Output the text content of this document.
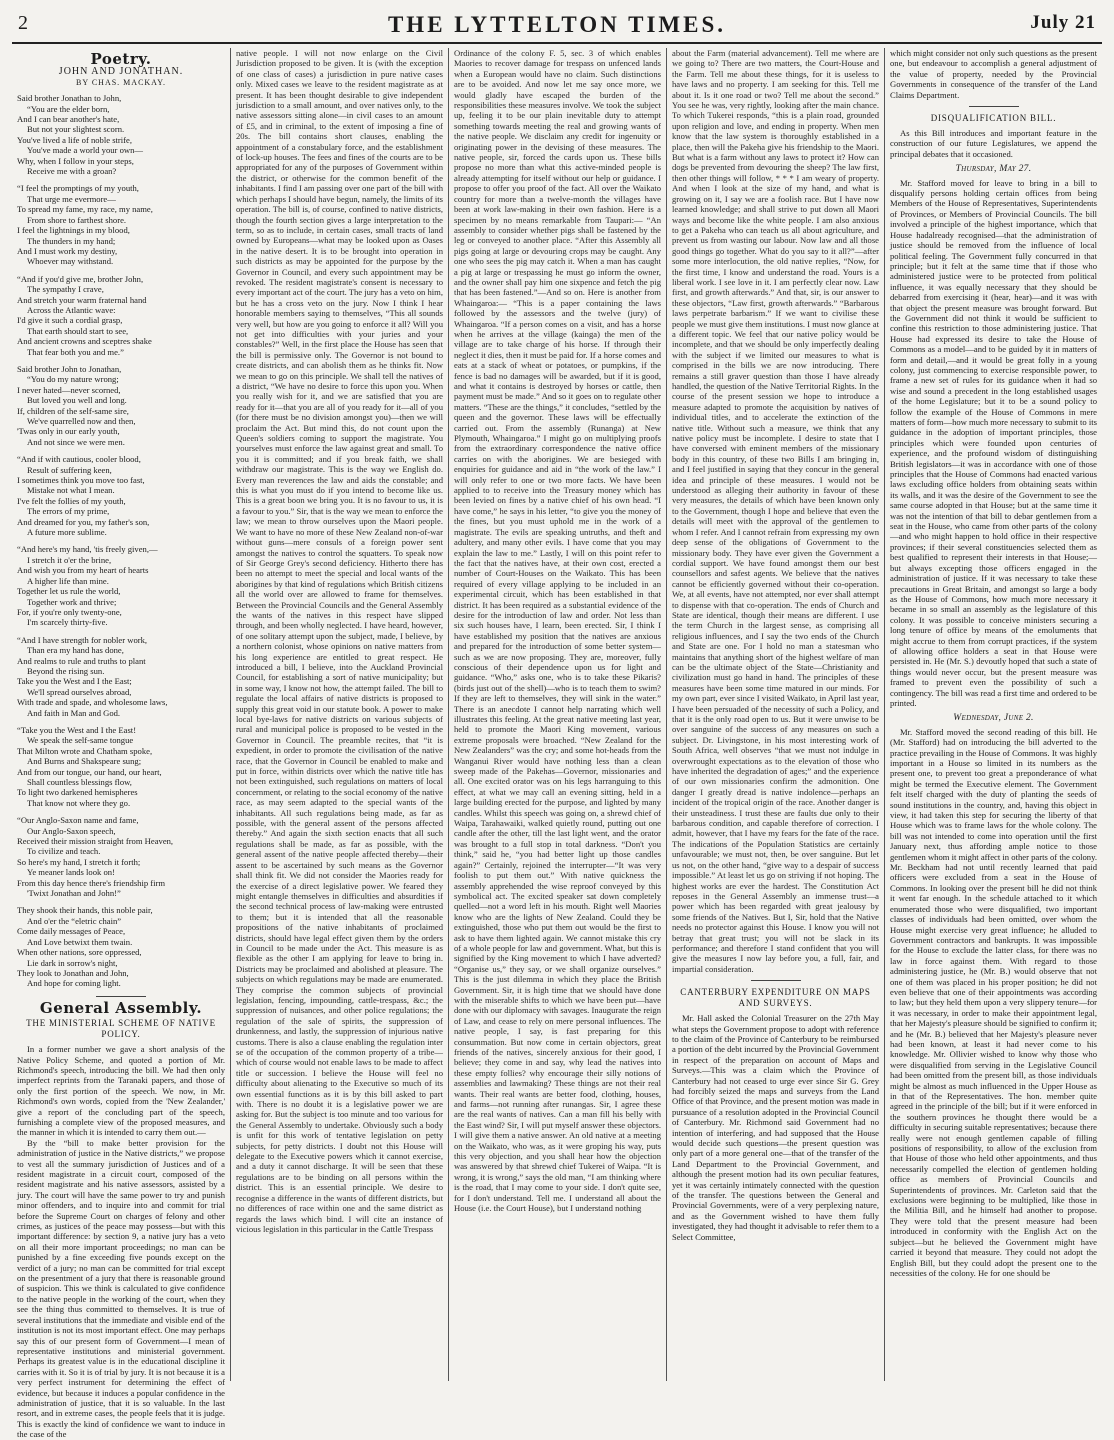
2	THE LYTTELTON TIMES.	July 21
Poetry.
JOHN AND JONATHAN.
BY CHAS. MACKAY.
Said brother Jonathan to John,
“You are the elder born,
And I can bear another's hate,
But not your slightest scorn.
You've lived a life of noble strife,
You've made a world your own—
Why, when I follow in your steps,
Receive me with a groan?
“I feel the promptings of my youth,
That urge me evermore—
To spread my fame, my race, my name,
From shore to farthest shore.
I feel the lightnings in my blood,
The thunders in my hand;
And I must work my destiny,
Whoever may withstand.
“And if you'd give me, brother John,
The sympathy I crave,
And stretch your warm fraternal hand
Across the Atlantic wave:
I'd give it such a cordial grasp,
That earth should start to see,
And ancient crowns and sceptres shake
That fear both you and me.”
Said brother John to Jonathan,
“You do my nature wrong;
I never hated—never scorned,
But loved you well and long.
If, children of the self-same sire,
We've quarrelled now and then,
'Twas only in our early youth,
And not since we were men.
“And if with cautious, cooler blood,
Result of suffering keen,
I sometimes think you move too fast,
Mistake not what I mean.
I've felt the follies of my youth,
The errors of my prime,
And dreamed for you, my father's son,
A future more sublime.
“And here's my hand, 'tis freely given,—
I stretch it o'er the brine,
And wish you from my heart of hearts
A higher life than mine.
Together let us rule the world,
Together work and thrive;
For, if you're only twenty-one,
I'm scarcely thirty-five.
“And I have strength for nobler work,
Than era my hand has done,
And realms to rule and truths to plant
Beyond the rising sun.
Take you the West and I the East;
We'll spread ourselves abroad,
With trade and spade, and wholesome laws,
And faith in Man and God.
“Take you the West and I the East!
We speak the self-same tongue
That Milton wrote and Chatham spoke,
And Burns and Shakspeare sung;
And from our tongue, our hand, our heart,
Shall countless blessings flow,
To light two darkened hemispheres
That know not where they go.
“Our Anglo-Saxon name and fame,
Our Anglo-Saxon speech,
Received their mission straight from Heaven,
To civilize and teach.
So here's my hand, I stretch it forth;
Ye meaner lands look on!
From this day hence there's friendship firm
'Twixt Jonathan and John!”
They shook their hands, this noble pair,
And o'er the “eletric chain”
Come daily messages of Peace,
And Love betwixt them twain.
When other nations, sore oppressed,
Lie dark in sorrow's night,
They look to Jonathan and John,
And hope for coming light.
General Assembly.
THE MINISTERIAL SCHEME OF NATIVE POLICY.

In a former number we gave a short analysis of the Native Policy Scheme, and quoted a portion of Mr. Richmond's speech, introducing the bill. We had then only imperfect reprints from the Taranaki papers, and those of only the first portion of the speech. We now, in Mr. Richmond's own words, copied from the 'New Zealander,' give a report of the concluding part of the speech, furnishing a complete view of the proposed measures, and the manner in which it is intended to carry them out.—

By the “bill to make better provision for the administration of justice in the Native districts,” we propose to vest all the summary jurisdiction of Justices and of a resident magistrate in a circuit court, composed of the resident magistrate and his native assessors, assisted by a jury. The court will have the same power to try and punish minor offenders, and to inquire into and commit for trial before the Supreme Court on charges of felony and other crimes, as justices of the peace may possess—but with this important difference: by section 9, a native jury has a veto on all their more important proceedings; no man can be punished by a fine exceeding five pounds except on the verdict of a jury; no man can be committed for trial except on the presentment of a jury that there is reasonable ground of suspicion. This we think is calculated to give confidence to the native people in the working of the court, when they see the thing thus committed to themselves. It is true of several institutions that the immediate and visible end of the institution is not its most important effect. One may perhaps say this of our present form of Government—I mean of representative institutions and ministerial government. Perhaps its greatest value is in the educational discipline it carries with it. So it is of trial by jury. It is not because it is a very perfect instrument for determining the effect of evidence, but because it induces a popular confidence in the administration of justice, that it is so valuable. In the last resort, and in extreme cases, the people feels that it is judge. This is exactly the kind of confidence we want to induce in the case of the

native people. I will not now enlarge on the Civil Jurisdiction proposed to be given. It is (with the exception of one class of cases) a jurisdiction in pure native cases only. Mixed cases we leave to the resident magistrate as at present. It has been thought desirable to give independent jurisdiction to a small amount, and over natives only, to the native assessors sitting alone—in civil cases to an amount of £5, and in criminal, to the extent of imposing a fine of 20s. The bill contains short clauses, enabling the appointment of a constabulary force, and the establishment of lock-up houses. The fees and fines of the courts are to be appropriated for any of the purposes of Government within the district, or otherwise for the common benefit of the inhabitants. I find I am passing over one part of the bill with which perhaps I should have begun, namely, the limits of its operation. The bill is, of course, confined to native districts, though the fourth section gives a large interpretation to the term, so as to include, in certain cases, small tracts of land owned by Europeans—what may be looked upon as Oases in the native desert. It is to be brought into operation in such districts as may be appointed for the purpose by the Governor in Council, and every such appointment may be revoked. The resident magistrate's consent is necessary to every important act of the court. The jury has a veto on him, but he has a cross veto on the jury. Now I think I hear honorable members saying to themselves, “This all sounds very well, but how are you going to enforce it all? Will you not get into difficulties with your juries and your constables?” Well, in the first place the House has seen that the bill is permissive only. The Governor is not bound to create districts, and can abolish them as he thinks fit. Now we mean to go on this principle. We shall tell the natives of a district, “We have no desire to force this upon you. When you really wish for it, and we are satisfied that you are ready for it—that you are all of you ready for it—all of you (for there must be no division amongst you)—then we will proclaim the Act. But mind this, do not count upon the Queen's soldiers coming to support the magistrate. You yourselves must enforce the law against great and small. To you it is committed; and if you break faith, we shall withdraw our magistrate. This is the way we English do. Every man reverences the law and aids the constable; and this is what you must do if you intend to become like us. This is a great boon we bring you. It is no favour to us, it is a favour to you.” Sir, that is the way we mean to enforce the law; we mean to throw ourselves upon the Maori people. We want to have no more of these New Zealand non-of-war without guns—mere consuls of a foreign power sent amongst the natives to control the squatters. To speak now of Sir George Grey's second deficiency. Hitherto there has been no attempt to meet the special and local wants of the aborigines by that kind of regulations which British citizens all the world over are allowed to frame for themselves. Between the Provincial Councils and the General Assembly the wants of the natives in this respect have slipped through, and been wholly neglected. I have heard, however, of one solitary attempt upon the subject, made, I believe, by a northern colonist, whose opinions on native matters from his long experience are entitled to great respect. He introduced a bill, I believe, into the Auckland Provincial Council, for establishing a sort of native municipality; but in some way, I know not how, the attempt failed. The bill to regulate the local affairs of native districts is proposed to supply this great void in our statute book. A power to make local bye-laws for native districts on various subjects of rural and municipal police is proposed to be vested in the Governor in Council. The preamble recites, that “it is expedient, in order to promote the civilisation of the native race, that the Governor in Council be enabled to make and put in force, within districts over which the native title has not been extinguished, such regulations on matters of local concernment, or relating to the social economy of the native race, as may seem adapted to the special wants of the inhabitants. All such regulations being made, as far as possible, with the general assent of the persons affected thereby.” And again the sixth section enacts that all such regulations shall be made, as far as possible, with the general assent of the native people affected thereby—their assent to be ascertained by such means as the Governor shall think fit. We did not consider the Maories ready for the exercise of a direct legislative power. We feared they might entangle themselves in difficulties and absurdities if the second technical process of law-making were entrusted to them; but it is intended that all the reasonable propositions of the native inhabitants of proclaimed districts, should have legal effect given them by the orders in Council to be made under the Act. This measure is as flexible as the other I am applying for leave to bring in. Districts may be proclaimed and abolished at pleasure. The subjects on which regulations may be made are enumerated. They comprise the common subjects of provincial legislation, fencing, impounding, cattle-trespass, &c.; the suppression of nuisances, and other police regulations; the regulation of the sale of spirits, the suppression of drunkenness, and lastly, the suppression of injurious native customs. There is also a clause enabling the regulation inter se of the occupation of the common property of a tribe—which of course would not enable laws to be made to affect title or succession. I believe the House will feel no difficulty about alienating to the Executive so much of its own essential functions as it is by this bill asked to part with. There is no doubt it is a legislative power we are asking for. But the subject is too minute and too various for the General Assembly to undertake. Obviously such a body is unfit for this work of tentative legislation on petty subjects, for petty districts. I doubt not this House will delegate to the Executive powers which it cannot exercise, and a duty it cannot discharge. It will be seen that these regulations are to be binding on all persons within the district. This is an essential principle. We desire to recognise a difference in the wants of different districts, but no differences of race within one and the same district as regards the laws which bind. I will cite an instance of vicious legislation in this particular in the Cattle Trespass

Ordinance of the colony F. 5, sec. 3 of which enables Maories to recover damage for trespass on unfenced lands when a European would have no claim. Such distinctions are to be avoided. And now let me say once more, we would gladly have escaped the burden of the responsibilities these measures involve. We took the subject up, feeling it to be our plain inevitable duty to attempt something towards meeting the real and growing wants of the native people. We disclaim any credit for ingenuity or originating power in the devising of these measures. The native people, sir, forced the cards upon us. These bills propose no more than what this active-minded people is already attempting for itself without our help or guidance. I propose to offer you proof of the fact. All over the Waikato country for more than a twelve-month the villages have been at work law-making in their own fashion. Here is a specimen by no means remarkable from Taupari:— “An assembly to consider whether pigs shall be fastened by the leg or conveyed to another place. “After this Assembly all pigs going at large or devouring crops may be caught. Any one who sees the pig may catch it. When a man has caught a pig at large or trespassing he must go inform the owner, and the owner shall pay him one sixpence and fetch the pig that has been fastened.”—And so on. Here is another from Whaingaroa:— “This is a paper containing the laws followed by the assessors and the twelve (jury) of Whaingaroa. “If a person comes on a visit, and has a horse when he arrives at the village (kainga) the men of the village are to take charge of his horse. If through their neglect it dies, then it must be paid for. If a horse comes and eats at a stack of wheat or potatoes, or pumpkins, if the fence is bad no damages will be awarded, but if it is good, and what it contains is destroyed by horses or cattle, then payment must be made.” And so it goes on to regulate other matters. “These are the things,” it concludes, “settled by the queen and the governor. These laws will be effectually carried out. From the assembly (Runanga) at New Plymouth, Whaingaroa.” I might go on multiplying proofs from the extraordinary correspondence the native office carries on with the aborigines. We are besieged with enquiries for guidance and aid in “the work of the law.” I will only refer to one or two more facts. We have been applied to to receive into the Treasury money which has been levied on fines by a native chief of his own head. “I have come,” he says in his letter, “to give you the money of the fines, but you must uphold me in the work of a magistrate. The evils are speaking untruths, and theft and adultery, and many other evils. I have come that you may explain the law to me.” Lastly, I will on this point refer to the fact that the natives have, at their own cost, erected a number of Court-Houses on the Waikato. This has been required of every village applying to be included in an experimental circuit, which has been established in that district. It has been required as a substantial evidence of the desire for the introduction of law and order. Not less than six such houses have, I learn, been erected. Sir, I think I have established my position that the natives are anxious and prepared for the introduction of some better system—such as we are now proposing. They are, moreover, fully conscious of their dependence upon us for light and guidance. “Who,” asks one, who is to take these Pikaris? (birds just out of the shell)—who is to teach them to swim? If they are left to themselves, they will sink in the water.” There is an anecdote I cannot help narrating which well illustrates this feeling. At the great native meeting last year, held to promote the Maori King movement, various extreme proposals were broached. “New Zealand for the New Zealanders” was the cry; and some hot-heads from the Wanganui River would have nothing less than a clean sweep made of the Pakehas—Governor, missionaries and all. One excited orator was on his legs harranguing to this effect, at what we may call an evening sitting, held in a large building erected for the purpose, and lighted by many candles. Whilst this speech was going on, a shrewd chief of Waipa, Tarahawaiki, walked quietly round, putting out one candle after the other, till the last light went, and the orator was brought to a full stop in total darkness. “Don't you think,” said he, “you had better light up those candles again?” Certainly, rejoined the interrupter—“It was very foolish to put them out.” With native quickness the assembly apprehended the wise reproof conveyed by this symbolical act. The excited speaker sat down completely quelled—not a word left in his mouth. Right well Maories know who are the lights of New Zealand. Could they be extinguished, those who put them out would be the first to ask to have them lighted again. We cannot mistake this cry of a whole people for law and government. What, but this is signified by the King movement to which I have adverted? “Organise us,” they say, or we shall organize ourselves.” This is the just dilemma in which they place the British Government. Sir, it is high time that we should have done with the miserable shifts to which we have been put—have done with our diplomacy with savages. Inaugurate the reign of Law, and cease to rely on mere personal influences. The native people, I say, is fast preparing for this consummation. But now come in certain objectors, great friends of the natives, sincerely anxious for their good, I believe; they come in and say, why lead the natives into these empty follies? why encourage their silly notions of assemblies and lawmaking? These things are not their real wants. Their real wants are better food, clothing, houses, and farms—not running after runangas. Sir, I agree these are the real wants of natives. Can a man fill his belly with the East wind? Sir, I will put myself answer these objectors. I will give them a native answer. An old native at a meeting on the Waikato, who was, as it were groping his way, puts this very objection, and you shall hear how the objection was answered by that shrewd chief Tukerei of Waipa. “It is wrong, it is wrong,” says the old man, “I am thinking where is the road, that I may come to your side. I don't quite see, for I don't understand. Tell me. I understand all about the House (i.e. the Court House), but I understand nothing

about the Farm (material advancement). Tell me where are we going to? There are two matters, the Court-House and the Farm. Tell me about these things, for it is useless to have laws and no property. I am seeking for this. Tell me about it. Is it one road or two? Tell me about the second.” You see he was, very rightly, looking after the main chance. To which Tukerei responds, “this is a plain road, grounded upon religion and love, and ending in property. When men know that the law system is thoroughly established in a place, then will the Pakeha give his friendship to the Maori. But what is a farm without any laws to protect it? How can dogs be prevented from devouring the sheep? The law first, then other things will follow, * * * I am weary of property. And when I look at the size of my hand, and what is growing on it, I say we are a foolish race. But I have now learned knowledge; and shall strive to put down all Maori ways and become like the white people. I am also anxious to get a Pakeha who can teach us all about agriculture, and prevent us from wasting our labour. Now law and all those good things go together. What do you say to it all?”—after some more interlocution, the old native replies, “Now, for the first time, I know and understand the road. Yours is a liberal work. I see love in it. I am perfectly clear now. Law first, and growth afterwards.” And that, sir, is our answer to these objectors, “Law first, growth afterwards.” “Barbarous laws perpetrate barbarism.” If we want to civilise these people we must give them institutions. I must now glance at a different topic. We feel that our native policy would be incomplete, and that we should be only imperfectly dealing with the subject if we limited our measures to what is comprised in the bills we are now introducing. There remains a still graver question than those I have already handled, the question of the Native Territorial Rights. In the course of the present session we hope to introduce a measure adapted to promote the acquisition by natives of individual titles, and to accelerate the extinction of the native title. Without such a measure, we think that any native policy must be incomplete. I desire to state that I have conversed with eminent members of the missionary body in this country, of these two Bills I am bringing in, and I feel justified in saying that they concur in the general idea and principle of these measures. I would not be understood as alleging their authority in favour of these very measures, the details of which have been known only to the Government, though I hope and believe that even the details will meet with the approval of the gentlemen to whom I refer. And I cannot refrain from expressing my own deep sense of the obligations of Government to the missionary body. They have ever given the Government a cordial support. We have found amongst them our best counsellors and safest agents. We believe that the natives cannot be efficiently governed without their co-operation. We, at all events, have not attempted, nor ever shall attempt to dispense with that co-operation. The ends of Church and State are identical, though their means are different. I use the term Church in the largest sense, as comprising all religious influences, and I say the two ends of the Church and State are one. For I hold no man a statesman who maintains that anything short of the highest welfare of man can be the ultimate object of the State—Christianity and civilization must go hand in hand. The principles of these measures have been some time matured in our minds. For my own part, ever since I visited Waikato, in April last year, I have been persuaded of the necessity of such a Policy, and that it is the only road open to us. But it were unwise to be over sanguine of the success of any measures on such a subject. Dr. Livingstone, in his most interesting work of South Africa, well observes “that we must not indulge in overwrought expectations as to the elevation of those who have inherited the degradation of ages;” and the experience of our own missionaries confirm the admonition. One danger I greatly dread is native indolence—perhaps an incident of the tropical origin of the race. Another danger is their unsteadiness. I trust these are faults due only to their barbarous condition, and capable therefore of correction. I admit, however, that I have my fears for the fate of the race. The indications of the Population Statistics are certainly unfavourable; we must not, then, be over sanguine. But let us not, on the other hand, “give way to a despair of success impossible.” At least let us go on striving if not hoping. The highest works are ever the hardest. The Constitution Act reposes in the General Assembly an immense trust—a power which has been regarded with great jealousy by some friends of the Natives. But I, Sir, hold that the Native needs no protector against this House. I know you will not betray that great trust; you will not be slack in its performance; and therefore I stand confident that you will give the measures I now lay before you, a full, fair, and impartial consideration.

CANTERBURY EXPENDITURE ON MAPS AND SURVEYS.

Mr. Hall asked the Colonial Treasurer on the 27th May what steps the Government propose to adopt with reference to the claim of the Province of Canterbury to be reimbursed a portion of the debt incurred by the Provincial Government in respect of the preparation on account of Maps and Surveys.—This was a claim which the Province of Canterbury had not ceased to urge ever since Sir G. Grey had forcibly seized the maps and surveys from the Land Office of that Province, and the present motion was made in pursuance of a resolution adopted in the Provincial Council of Canterbury. Mr. Richmond said Government had no intention of interfering, and had supposed that the House would decide such questions—the present question was only part of a more general one—that of the transfer of the Land Department to the Provincial Government, and although the present motion had its own peculiar features, yet it was certainly intimately connected with the question of the transfer. The questions between the General and Provincial Governments, were of a very perplexing nature, and as the Government wished to have them fully investigated, they had thought it advisable to refer them to a Select Committee,

which might consider not only such questions as the present one, but endeavour to accomplish a general adjustment of the value of property, needed by the Provincial Governments in consequence of the transfer of the Land Claims Department.

DISQUALIFICATION BILL.

As this Bill introduces and important feature in the construction of our future Legislatures, we append the principal debates that it occasioned.

Thursday, May 27.

Mr. Stafford moved for leave to bring in a bill to disqualify persons holding certain offices from being Members of the House of Representatives, Superintendents of Provinces, or Members of Provincial Councils. The bill involved a principle of the highest importance, which that House hadalready recognised—that the administration of justice should be removed from the influence of local political feeling. The Government fully concurred in that principle; but it felt at the same time that if those who administered justice were to be protected from political influence, it was equally necessary that they should be debarred from exercising it (hear, hear)—and it was with that object the present measure was brought forward. But the Government did not think it would be sufficient to confine this restriction to those administering justice. That House had expressed its desire to take the House of Commons as a model—and to be guided by it in matters of form and detail,—and it would be great folly in a young colony, just commencing to exercise responsible power, to frame a new set of rules for its guidance when it had so wise and sound a precedent in the long established usages of the home Legislature; but it to be a sound policy to follow the example of the House of Commons in mere matters of form—how much more necessary to submit to its guidance in the adoption of important principles, those principles which were founded upon centuries of experience, and the profound wisdom of distinguishing British legislators—it was in accordance with one of those principles that the House of Commons had enacted various laws excluding office holders from obtaining seats within its walls, and it was the desire of the Government to see the same course adopted in that House; but at the same time it was not the intention of that bill to debar gentlemen from a seat in the House, who came from other parts of the colony—and who might happen to hold office in their respective provinces; if their several constituencies selected them as best qualified to represent their interests in that House;—but always excepting those officers engaged in the administration of justice. If it was necessary to take these precautions in Great Britain, and amongst so large a body as the House of Commons, how much more necessary it became in so small an assembly as the legislature of this colony. It was possible to conceive ministers securing a long tenure of office by means of the emoluments that might accrue to them from corrupt practices, if the system of allowing office holders a seat in that House were persisted in. He (Mr. S.) devoutly hoped that such a state of things would never occur, but the present measure was framed to prevent even the possibility of such a contingency. The bill was read a first time and ordered to be printed.

Wednesday, June 2.

Mr. Stafford moved the second reading of this bill. He (Mr. Stafford) had on introducing the bill adverted to the practice prevailing in the House of Commons. It was highly important in a House so limited in its numbers as the present one, to prevent too great a preponderance of what might be termed the Executive element. The Government felt itself charged with the duty of planting the seeds of sound institutions in the country, and, having this object in view, it had taken this step for securing the liberty of that House which was to frame laws for the whole colony. The bill was not intended to come into operation until the first January next, thus affording ample notice to those gentlemen whom it might affect in other parts of the colony. Mr. Beckham had not until recently learned that paid officers were excluded from a seat in the House of Commons. In looking over the present bill he did not think it went far enough. In the schedule attached to it which enumerated those who were disqualified, two important classes of individuals had been omitted, over whom the House might exercise very great influence; he alluded to Government contractors and bankrupts. It was impossible for the House to exclude the latter class, for there was no law in force against them. With regard to those administering justice, he (Mr. B.) would observe that not one of them was placed in his proper position; he did not even believe that one of their appointments was according to law; but they held them upon a very slippery tenure—for it was necessary, in order to make their appointment legal, that her Majesty's pleasure should be signified to confirm it; and he (Mr. B.) believed that her Majesty's pleasure never had been known, at least it had never come to his knowledge. Mr. Ollivier wished to know why those who were disqualified from serving in the Legislative Council had been omitted from the present bill, as those individuals might be almost as much influenced in the Upper House as in that of the Representatives. The hon. member quite agreed in the principle of the bill; but if it were enforced in the southern provinces he thought there would be a difficulty in securing suitable representatives; because there really were not enough gentlemen capable of filling positions of responsibility, to allow of the exclusion from that House of those who held other appointments, and thus necessarily compelled the election of gentlemen holding office as members of Provincial Councils and Superintendents of provinces. Mr. Carleton said that the exclusions were beginning to be multiplied, like those in the Militia Bill, and he himself had another to propose. They were told that the present measure had been introduced in conformity with the English Act on the subject—but he believed the Government might have carried it beyond that measure. They could not adopt the English Bill, but they could adopt the present one to the necessities of the colony. He for one should be
